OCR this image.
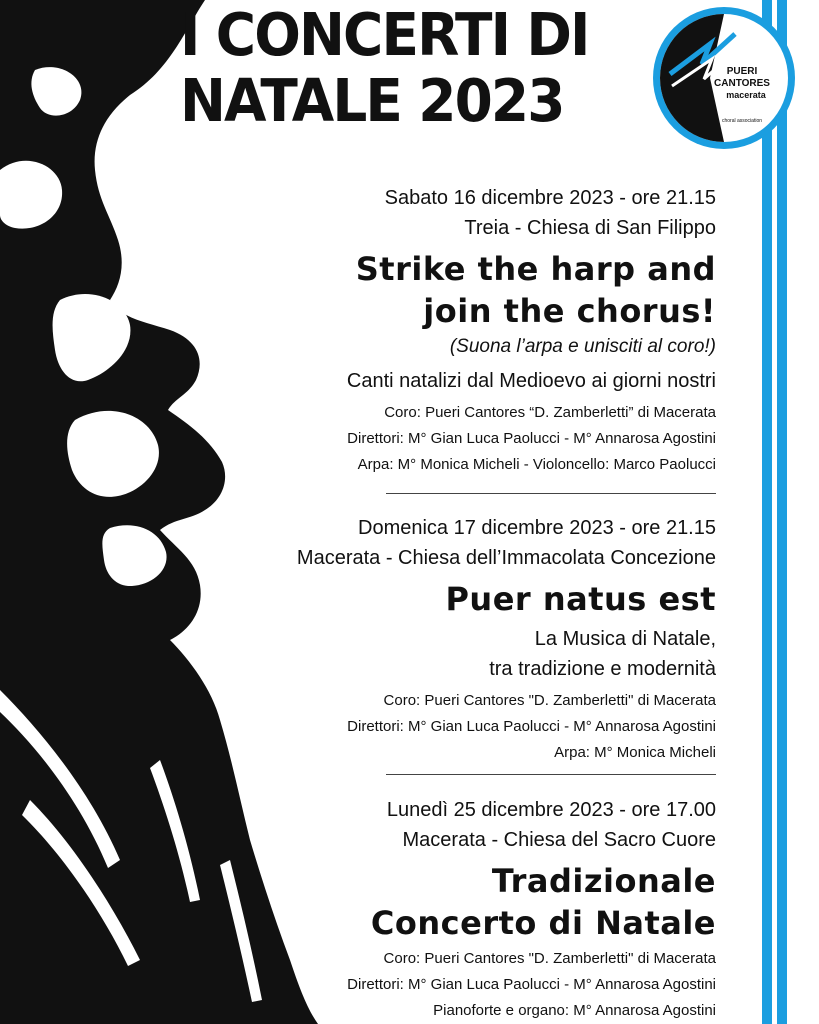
I CONCERTI DI
NATALE 2023	PUERI
CANTORES
macerata
choral association
Sabato 16 dicembre 2023 - ore 21.15
Treia - Chiesa di San Filippo
Strike the harp and
join the chorus!
(Suona l’arpa e unisciti al coro!)
Canti natalizi dal Medioevo ai giorni nostri
Coro: Pueri Cantores “D. Zamberletti” di Macerata
Direttori: M° Gian Luca Paolucci - M° Annarosa Agostini
Arpa: M° Monica Micheli - Violoncello: Marco Paolucci
Domenica 17 dicembre 2023 - ore 21.15
Macerata - Chiesa dell’Immacolata Concezione
Puer natus est
La Musica di Natale,
tra tradizione e modernità
Coro: Pueri Cantores "D. Zamberletti" di Macerata
Direttori: M° Gian Luca Paolucci - M° Annarosa Agostini
Arpa: M° Monica Micheli
Lunedì 25 dicembre 2023 - ore 17.00
Macerata - Chiesa del Sacro Cuore
Tradizionale
Concerto di Natale
Coro: Pueri Cantores "D. Zamberletti" di Macerata
Direttori: M° Gian Luca Paolucci - M° Annarosa Agostini
Pianoforte e organo: M° Annarosa Agostini
